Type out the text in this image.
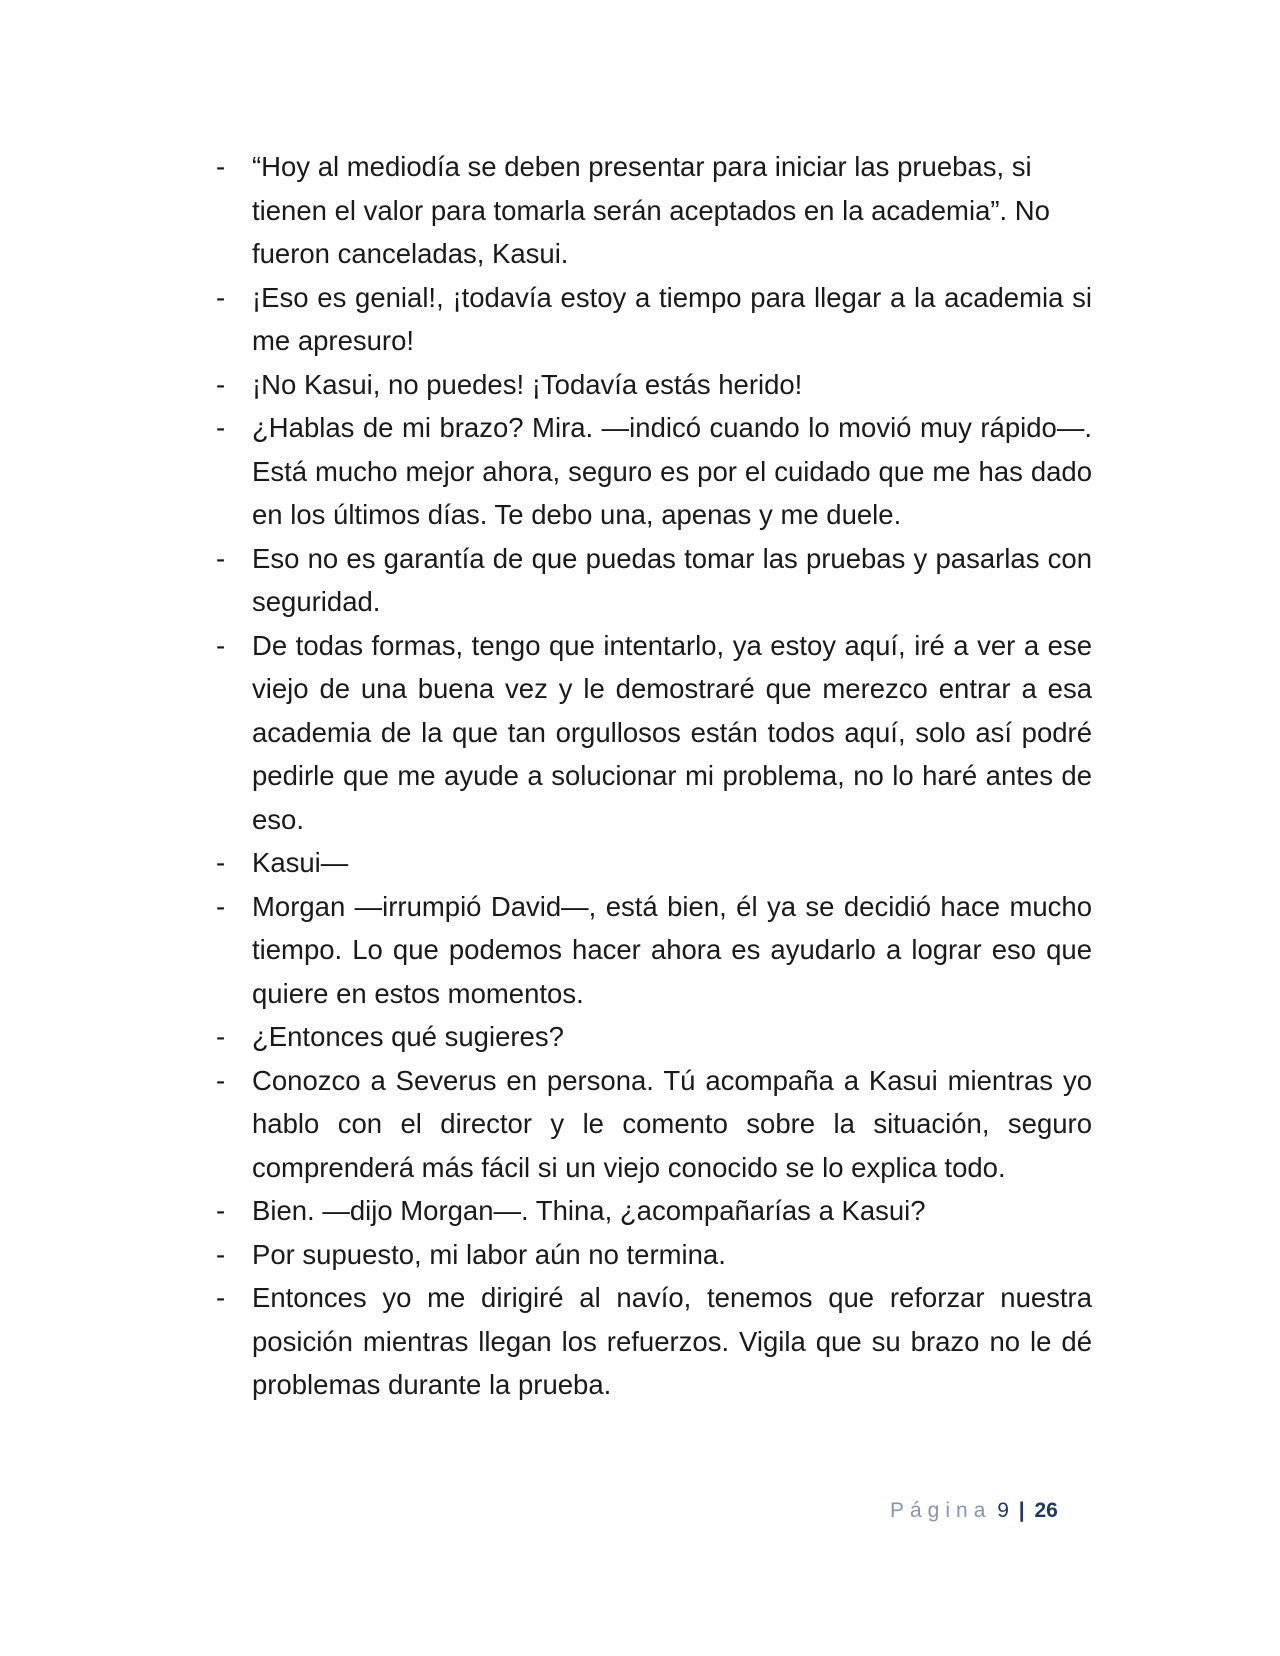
- “Hoy al mediodía se deben presentar para iniciar las pruebas, si tienen el valor para tomarla serán aceptados en la academia”. No fueron canceladas, Kasui.
- ¡Eso es genial!, ¡todavía estoy a tiempo para llegar a la academia si me apresuro!
- ¡No Kasui, no puedes! ¡Todavía estás herido!
- ¿Hablas de mi brazo? Mira. —indicó cuando lo movió muy rápido—. Está mucho mejor ahora, seguro es por el cuidado que me has dado en los últimos días. Te debo una, apenas y me duele.
- Eso no es garantía de que puedas tomar las pruebas y pasarlas con seguridad.
- De todas formas, tengo que intentarlo, ya estoy aquí, iré a ver a ese viejo de una buena vez y le demostraré que merezco entrar a esa academia de la que tan orgullosos están todos aquí, solo así podré pedirle que me ayude a solucionar mi problema, no lo haré antes de eso.
- Kasui—
- Morgan —irrumpió David—, está bien, él ya se decidió hace mucho tiempo. Lo que podemos hacer ahora es ayudarlo a lograr eso que quiere en estos momentos.
- ¿Entonces qué sugieres?
- Conozco a Severus en persona. Tú acompaña a Kasui mientras yo hablo con el director y le comento sobre la situación, seguro comprenderá más fácil si un viejo conocido se lo explica todo.
- Bien. —dijo Morgan—. Thina, ¿acompañarías a Kasui?
- Por supuesto, mi labor aún no termina.
- Entonces yo me dirigiré al navío, tenemos que reforzar nuestra posición mientras llegan los refuerzos. Vigila que su brazo no le dé problemas durante la prueba.
Página 9 | 26
